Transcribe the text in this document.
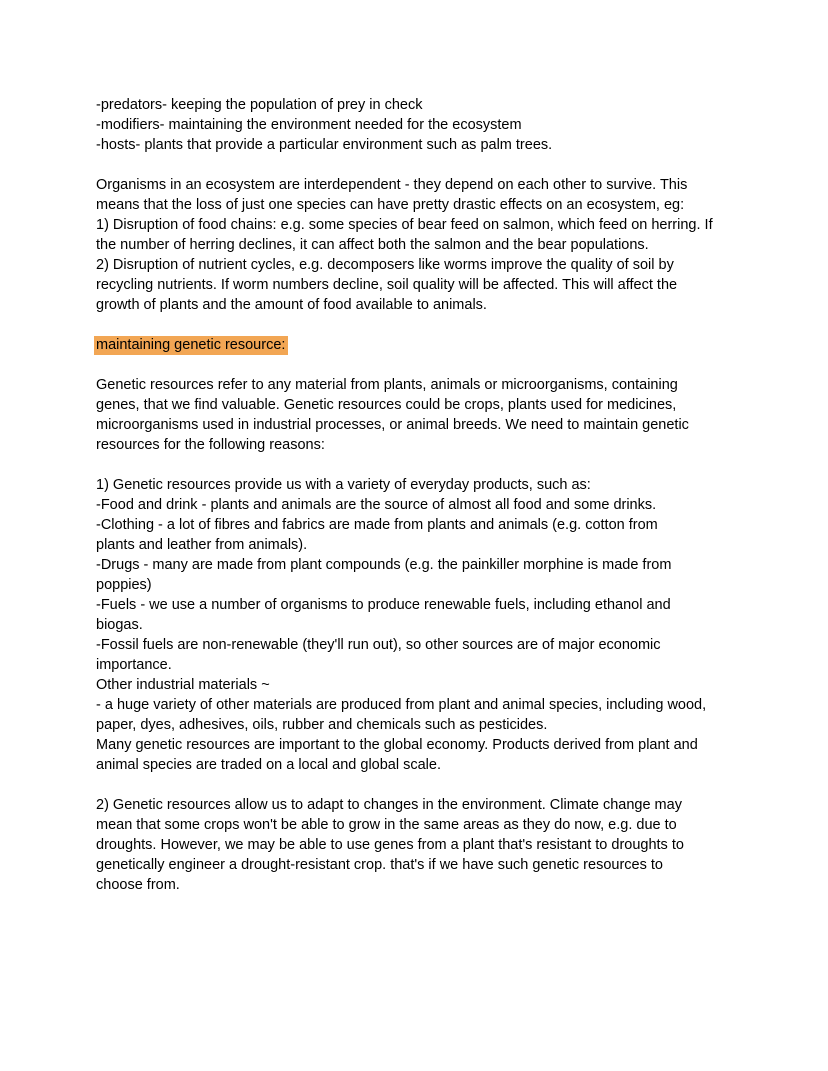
-predators- keeping the population of prey in check
-modifiers- maintaining the environment needed for the ecosystem
-hosts- plants that provide a particular environment such as palm trees.
Organisms in an ecosystem are interdependent - they depend on each other to survive. This
means that the loss of just one species can have pretty drastic effects on an ecosystem, eg:
1) Disruption of food chains: e.g. some species of bear feed on salmon, which feed on herring. If
the number of herring declines, it can affect both the salmon and the bear populations.
2) Disruption of nutrient cycles, e.g. decomposers like worms improve the quality of soil by
recycling nutrients. If worm numbers decline, soil quality will be affected. This will affect the
growth of plants and the amount of food available to animals.
maintaining genetic resource:
Genetic resources refer to any material from plants, animals or microorganisms, containing
genes, that we find valuable. Genetic resources could be crops, plants used for medicines,
microorganisms used in industrial processes, or animal breeds. We need to maintain genetic
resources for the following reasons:
1) Genetic resources provide us with a variety of everyday products, such as:
-Food and drink - plants and animals are the source of almost all food and some drinks.
-Clothing - a lot of fibres and fabrics are made from plants and animals (e.g. cotton from
plants and leather from animals).
-Drugs - many are made from plant compounds (e.g. the painkiller morphine is made from
poppies)
-Fuels - we use a number of organisms to produce renewable fuels, including ethanol and
biogas.
-Fossil fuels are non-renewable (they'll run out), so other sources are of major economic
importance.
Other industrial materials ~
- a huge variety of other materials are produced from plant and animal species, including wood,
paper, dyes, adhesives, oils, rubber and chemicals such as pesticides.
Many genetic resources are important to the global economy. Products derived from plant and
animal species are traded on a local and global scale.
2) Genetic resources allow us to adapt to changes in the environment. Climate change may
mean that some crops won't be able to grow in the same areas as they do now, e.g. due to
droughts. However, we may be able to use genes from a plant that's resistant to droughts to
genetically engineer a drought-resistant crop. that's if we have such genetic resources to
choose from.
